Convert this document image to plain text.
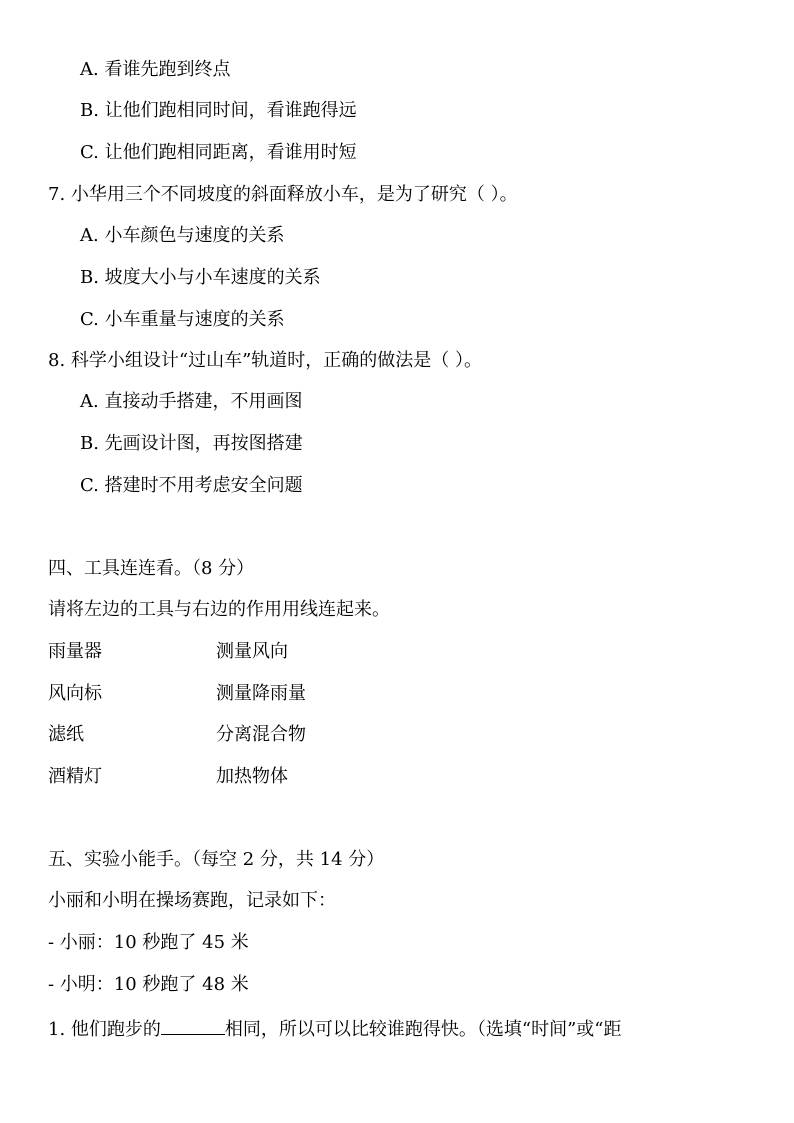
A. 看谁先跑到终点
B. 让他们跑相同时间，看谁跑得远
C. 让他们跑相同距离，看谁用时短
7. 小华用三个不同坡度的斜面释放小车，是为了研究（ ）。
A. 小车颜色与速度的关系
B. 坡度大小与小车速度的关系
C. 小车重量与速度的关系
8. 科学小组设计“过山车”轨道时，正确的做法是（ ）。
A. 直接动手搭建，不用画图
B. 先画设计图，再按图搭建
C. 搭建时不用考虑安全问题
四、工具连连看。（8 分）
请将左边的工具与右边的作用用线连起来。
雨量器	测量风向
风向标	测量降雨量
滤纸	分离混合物
酒精灯	加热物体
五、实验小能手。（每空 2 分，共 14 分）
小丽和小明在操场赛跑，记录如下：
- 小丽：10 秒跑了 45 米
- 小明：10 秒跑了 48 米
1. 他们跑步的	相同，所以可以比较谁跑得快。（选填“时间”或“距
